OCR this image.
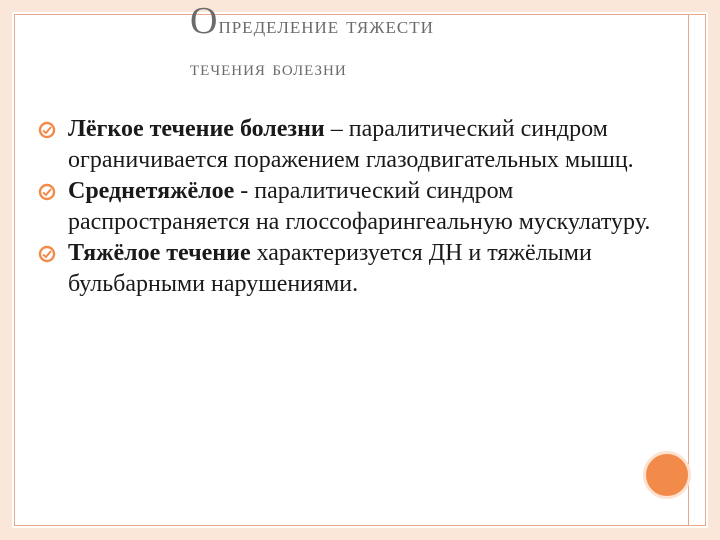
Определение тяжести
течения болезни
Лёгкое течение болезни – паралитический синдром ограничивается поражением глазодвигательных мышц.
Среднетяжёлое - паралитический синдром распространяется на глоссофарингеальную мускулатуру.
Тяжёлое течение характеризуется ДН и тяжёлыми бульбарными нарушениями.
